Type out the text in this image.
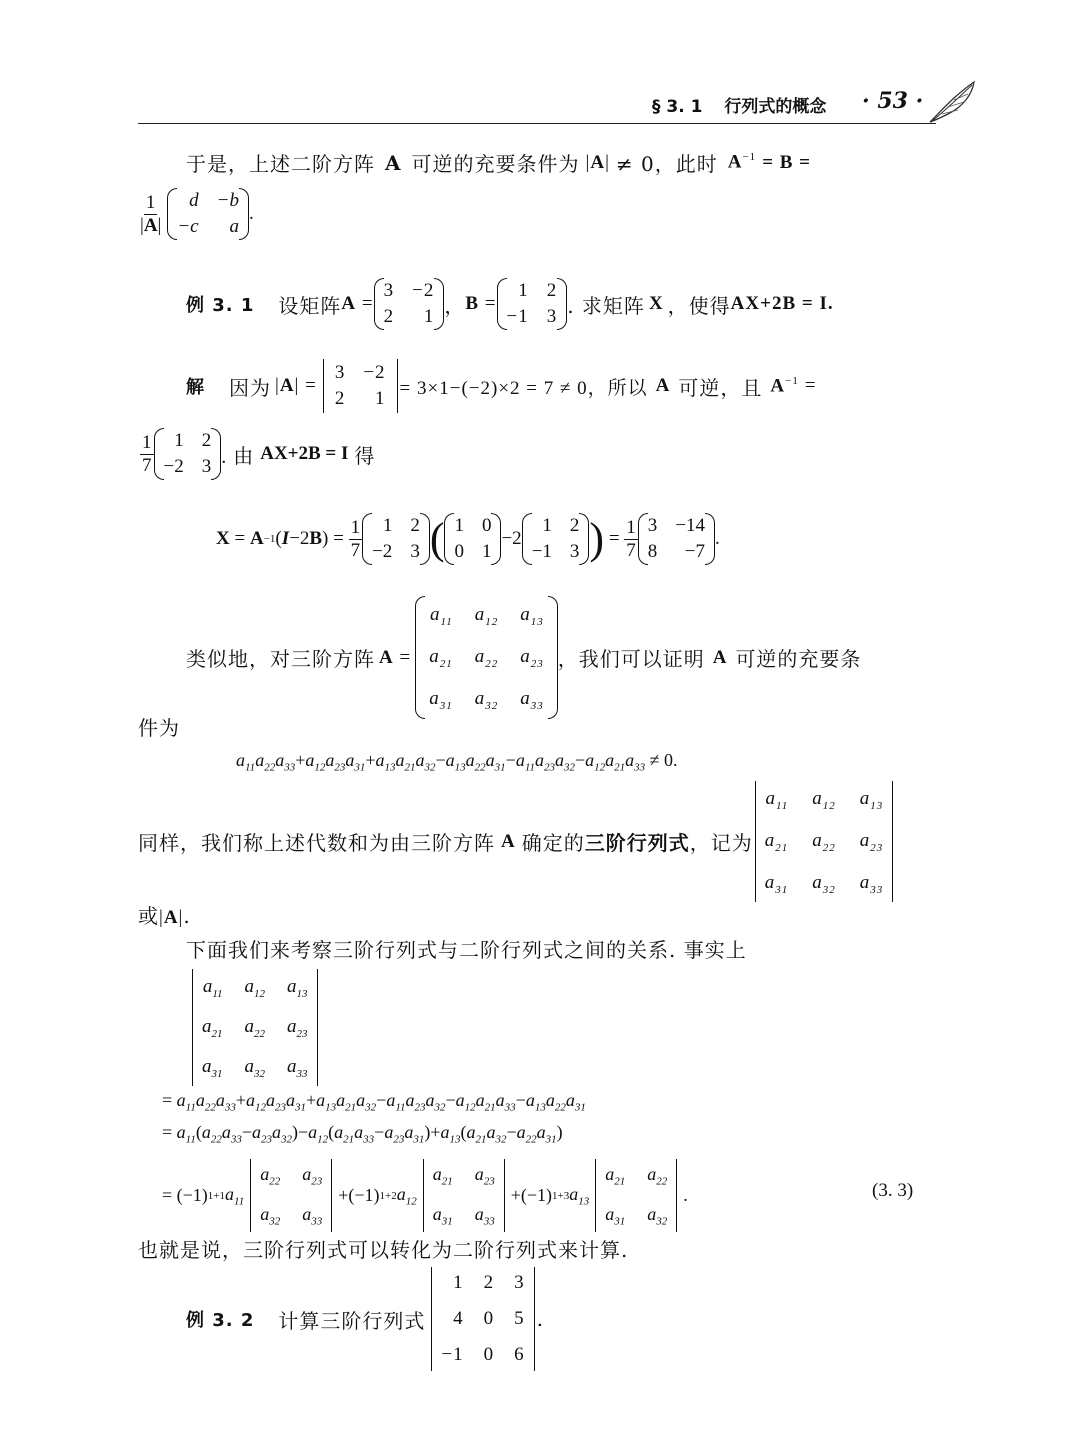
§ 3. 1 行列式的概念 · 53 ·
于是，上述二阶方阵 A 可逆的充要条件为 |A| ≠ 0，此时 $A^{-1} = B$ =
$\frac{1}{|A|}$	d −b
−c	a
.
例 3. 1 设矩阵 A =
3 −2
2	1 ， B =
1 2
−1 3 . 求矩阵 X ，使得 AX+2B = I.
解 因为 |A| =
3 −2
2	1 = 3×1−(−2)×2 = 7 ≠ 0，所以 A 可逆，且 $A^{-1}$ =
$\frac{1}{7}$	1 2
−2 3 . 由 AX+2B = I 得
X = A −1 ( I −2 B ) = $\frac{1}{7}$	1 2
−2 3 ( 1 0
0 1
−2
1 2
−1 3 ) = $\frac{1}{7} 3 -14$
8	−7
.
类似地，对三阶方阵 A =
$a_{11}$ $a_{12}$ $a_{13}$
$a_{21}$ $a_{22}$ $a_{23}$
$a_{31}$ $a_{32}$ $a_{33}$
，我们可以证明 A 可逆的充要条
件为
$a_{11}a_{22}a_{33}+a_{12}a_{23}a_{31}+a_{13}a_{21}a_{32}-a_{13}a_{22}a_{31}-a_{11}a_{23}a_{32}-a_{12}a_{21}a_{33} \ne 0$.
同样，我们称上述代数和为由三阶方阵 A 确定的 三阶行列式 ，记为
$a_{11}$ $a_{12}$ $a_{13}$
$a_{21}$ $a_{22}$ $a_{23}$
$a_{31}$ $a_{32}$ $a_{33}$
或|A|.
下面我们来考察三阶行列式与二阶行列式之间的关系. 事实上
$a_{11}$ $a_{12}$ $a_{13}$
$a_{21}$ $a_{22}$ $a_{23}$
$a_{31}$ $a_{32}$ $a_{33}$
= $a_{11}a_{22}a_{33}+a_{12}a_{23}a_{31}+a_{13}a_{21}a_{32}-a_{11}a_{23}a_{32}-a_{12}a_{21}a_{33}-a_{13}a_{22}a_{31}$
= $a_{11}(a_{22}a_{33}-a_{23}a_{32})-a_{12}(a_{21}a_{33}-a_{23}a_{31})+a_{13}(a_{21}a_{32}-a_{22}a_{31})$
= (−1) 1+1 $a_{11}$
$a_{22}$ $a_{23}$
$a_{32}$ $a_{33}$
+(−1) 1+2 $a_{12}$
$a_{21}$ $a_{23}$
$a_{31}$ $a_{33}$
+(−1) 1+3 $a_{13}$
$a_{21}$ $a_{22}$
$a_{31}$ $a_{32}$
.	(3. 3)
也就是说，三阶行列式可以转化为二阶行列式来计算.
例 3. 2 计算三阶行列式
1 2 3
4 0 5
−1 0 6
.
